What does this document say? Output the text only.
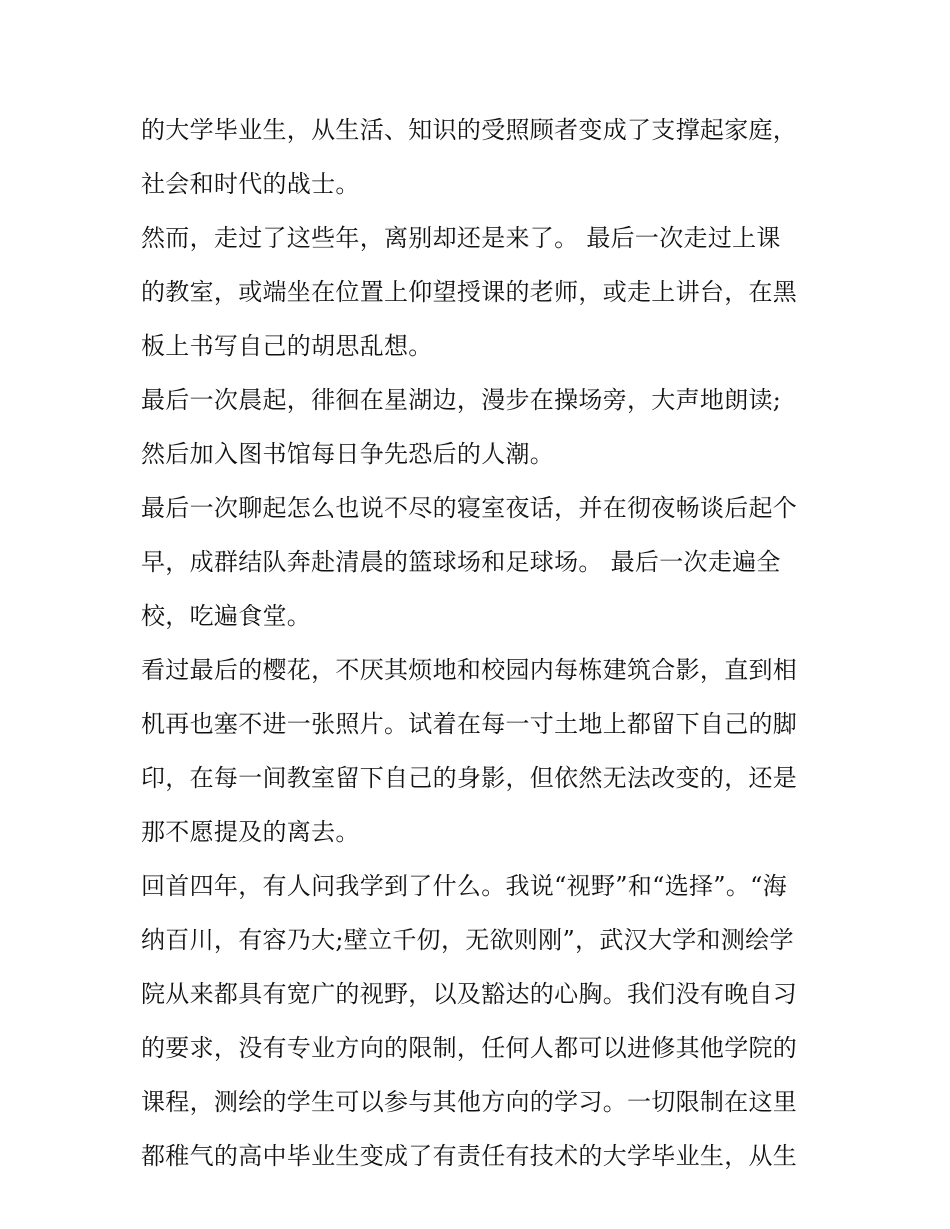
的大学毕业生，从生活、知识的受照顾者变成了支撑起家庭，
社会和时代的战士。
然而，走过了这些年，离别却还是来了。 最后一次走过上课
的教室，或端坐在位置上仰望授课的老师，或走上讲台，在黑
板上书写自己的胡思乱想。
最后一次晨起，徘徊在星湖边，漫步在操场旁，大声地朗读;
然后加入图书馆每日争先恐后的人潮。
最后一次聊起怎么也说不尽的寝室夜话，并在彻夜畅谈后起个
早，成群结队奔赴清晨的篮球场和足球场。 最后一次走遍全
校，吃遍食堂。
看过最后的樱花，不厌其烦地和校园内每栋建筑合影，直到相
机再也塞不进一张照片。试着在每一寸土地上都留下自己的脚
印，在每一间教室留下自己的身影，但依然无法改变的，还是
那不愿提及的离去。
回首四年，有人问我学到了什么。我说“视野”和“选择”。“海
纳百川，有容乃大;壁立千仞，无欲则刚”，武汉大学和测绘学
院从来都具有宽广的视野，以及豁达的心胸。我们没有晚自习
的要求，没有专业方向的限制，任何人都可以进修其他学院的
课程，测绘的学生可以参与其他方向的学习。一切限制在这里
都稚气的高中毕业生变成了有责任有技术的大学毕业生，从生
